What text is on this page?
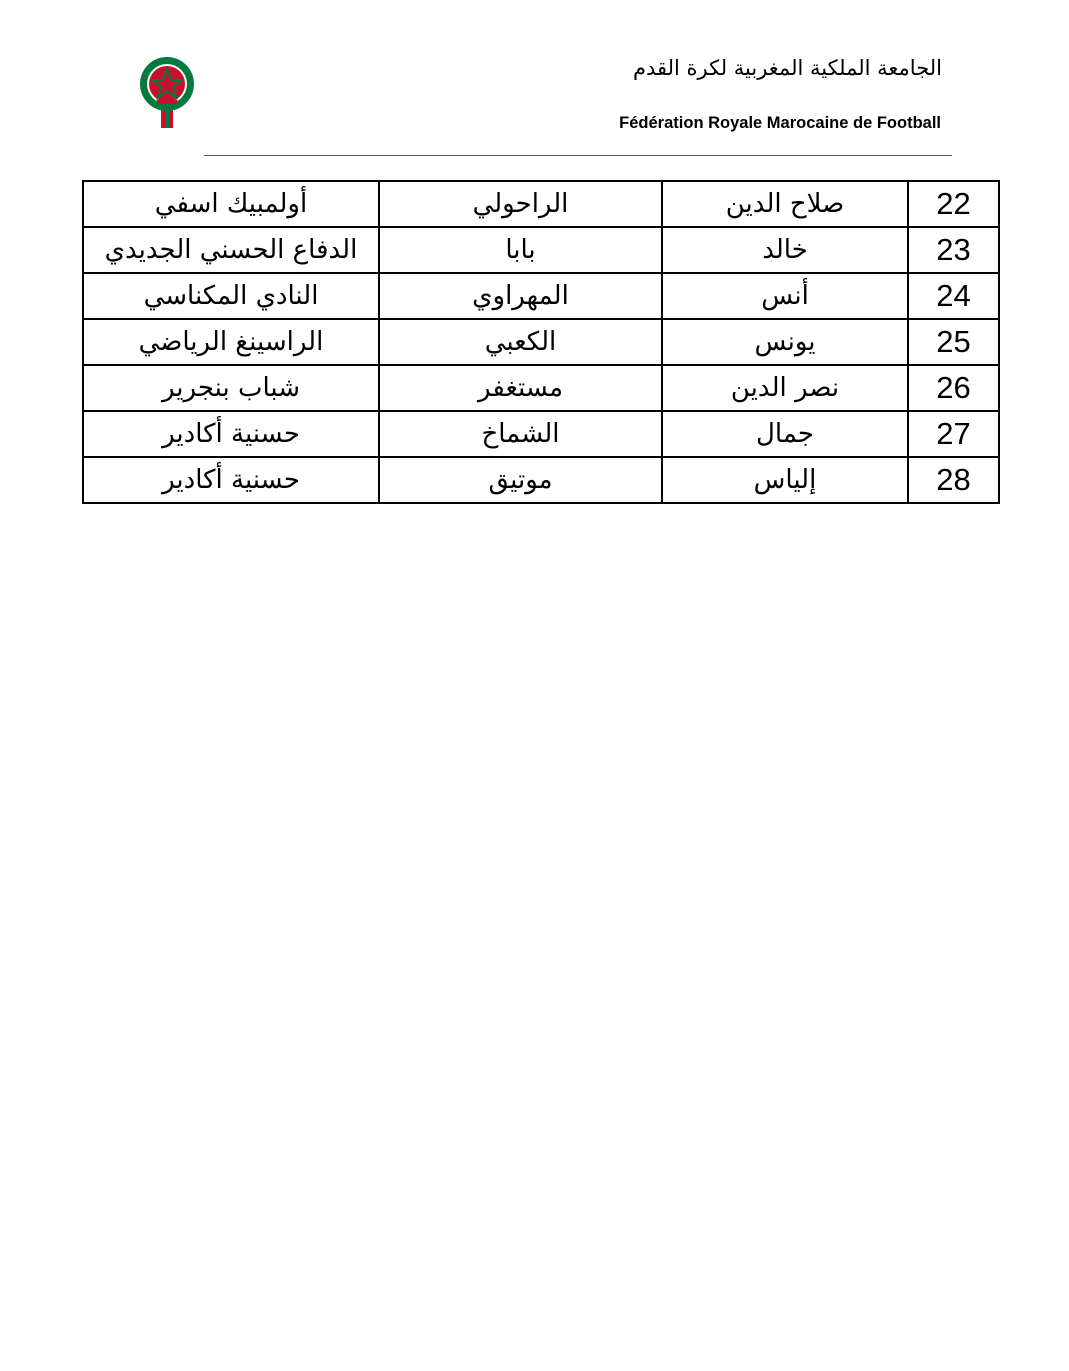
الجامعة الملكية المغربية لكرة القدم
Fédération Royale Marocaine de Football
أولمبيك اسفي	الراحولي	صلاح الدين	22
الدفاع الحسني الجديدي	بابا	خالد	23
النادي المكناسي	المهراوي	أنس	24
الراسينغ الرياضي	الكعبي	يونس	25
شباب بنجرير	مستغفر	نصر الدين	26
حسنية أكادير	الشماخ	جمال	27
حسنية أكادير	موتيق	إلياس	28
